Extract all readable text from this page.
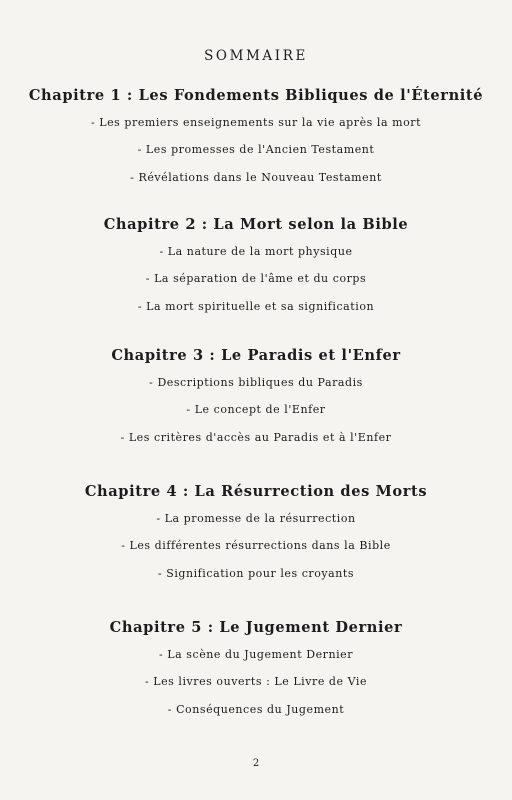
SOMMAIRE
Chapitre 1 : Les Fondements Bibliques de l'Éternité
- Les premiers enseignements sur la vie après la mort
- Les promesses de l'Ancien Testament
- Révélations dans le Nouveau Testament
Chapitre 2 : La Mort selon la Bible
- La nature de la mort physique
- La séparation de l'âme et du corps
- La mort spirituelle et sa signification
Chapitre 3 : Le Paradis et l'Enfer
- Descriptions bibliques du Paradis
- Le concept de l'Enfer
- Les critères d'accès au Paradis et à l'Enfer
Chapitre 4 : La Résurrection des Morts
- La promesse de la résurrection
- Les différentes résurrections dans la Bible
- Signification pour les croyants
Chapitre 5 : Le Jugement Dernier
- La scène du Jugement Dernier
- Les livres ouverts : Le Livre de Vie
- Conséquences du Jugement
2
